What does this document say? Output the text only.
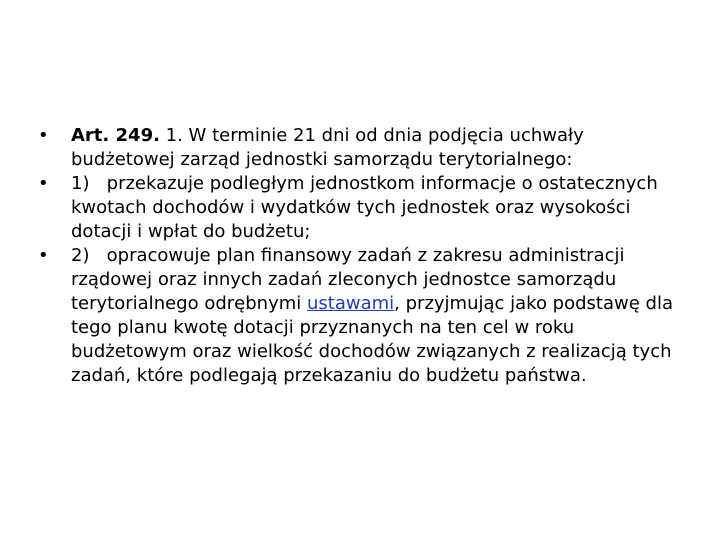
•	Art. 249. 1. W terminie 21 dni od dnia podjęcia uchwały budżetowej zarząd jednostki samorządu terytorialnego:
•	1)   przekazuje podległym jednostkom informacje o ostatecznych kwotach dochodów i wydatków tych jednostek oraz wysokości dotacji i wpłat do budżetu;
•	2)   opracowuje plan finansowy zadań z zakresu administracji rządowej oraz innych zadań zleconych jednostce samorządu terytorialnego odrębnymi ustawami, przyjmując jako podstawę dla tego planu kwotę dotacji przyznanych na ten cel w roku budżetowym oraz wielkość dochodów związanych z realizacją tych zadań, które podlegają przekazaniu do budżetu państwa.
